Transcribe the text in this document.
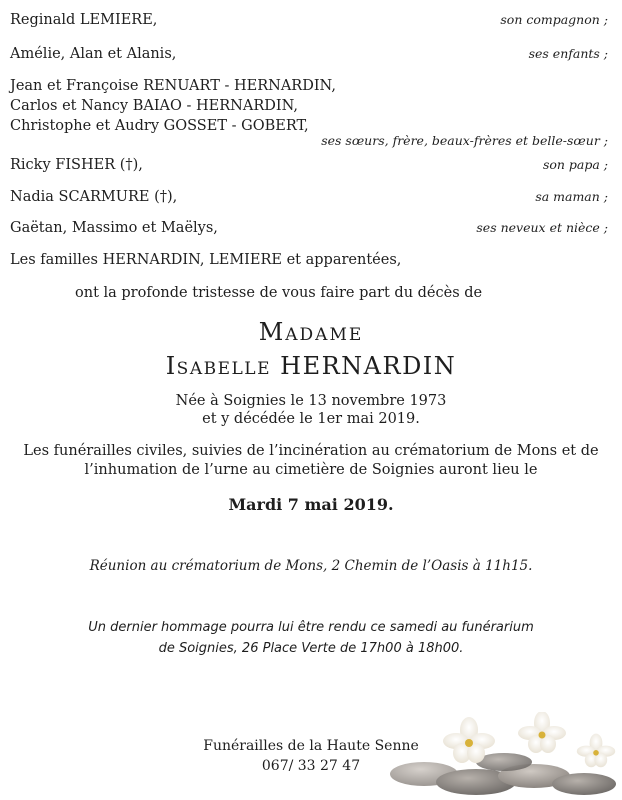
Reginald LEMIERE,	son compagnon ;
Amélie, Alan et Alanis,	ses enfants ;
Jean et Françoise RENUART - HERNARDIN,
Carlos et Nancy BAIAO - HERNARDIN,
Christophe et Audry GOSSET - GOBERT,
ses sœurs, frère, beaux-frères et belle-sœur ;
Ricky FISHER (†),	son papa ;
Nadia SCARMURE (†),	sa maman ;
Gaëtan, Massimo et Maëlys,	ses neveux et nièce ;
Les familles HERNARDIN, LEMIERE et apparentées,
ont la profonde tristesse de vous faire part du décès de
Madame
Isabelle HERNARDIN
Née à Soignies le 13 novembre 1973
et y décédée le 1er mai 2019.
Les funérailles civiles, suivies de l’incinération au crématorium de Mons et de
l’inhumation de l’urne au cimetière de Soignies auront lieu le
Mardi 7 mai 2019.
Réunion au crématorium de Mons, 2 Chemin de l’Oasis à 11h15.
Un dernier hommage pourra lui être rendu ce samedi au funérarium
de Soignies, 26 Place Verte de 17h00 à 18h00.
Funérailles de la Haute Senne
067/ 33 27 47
